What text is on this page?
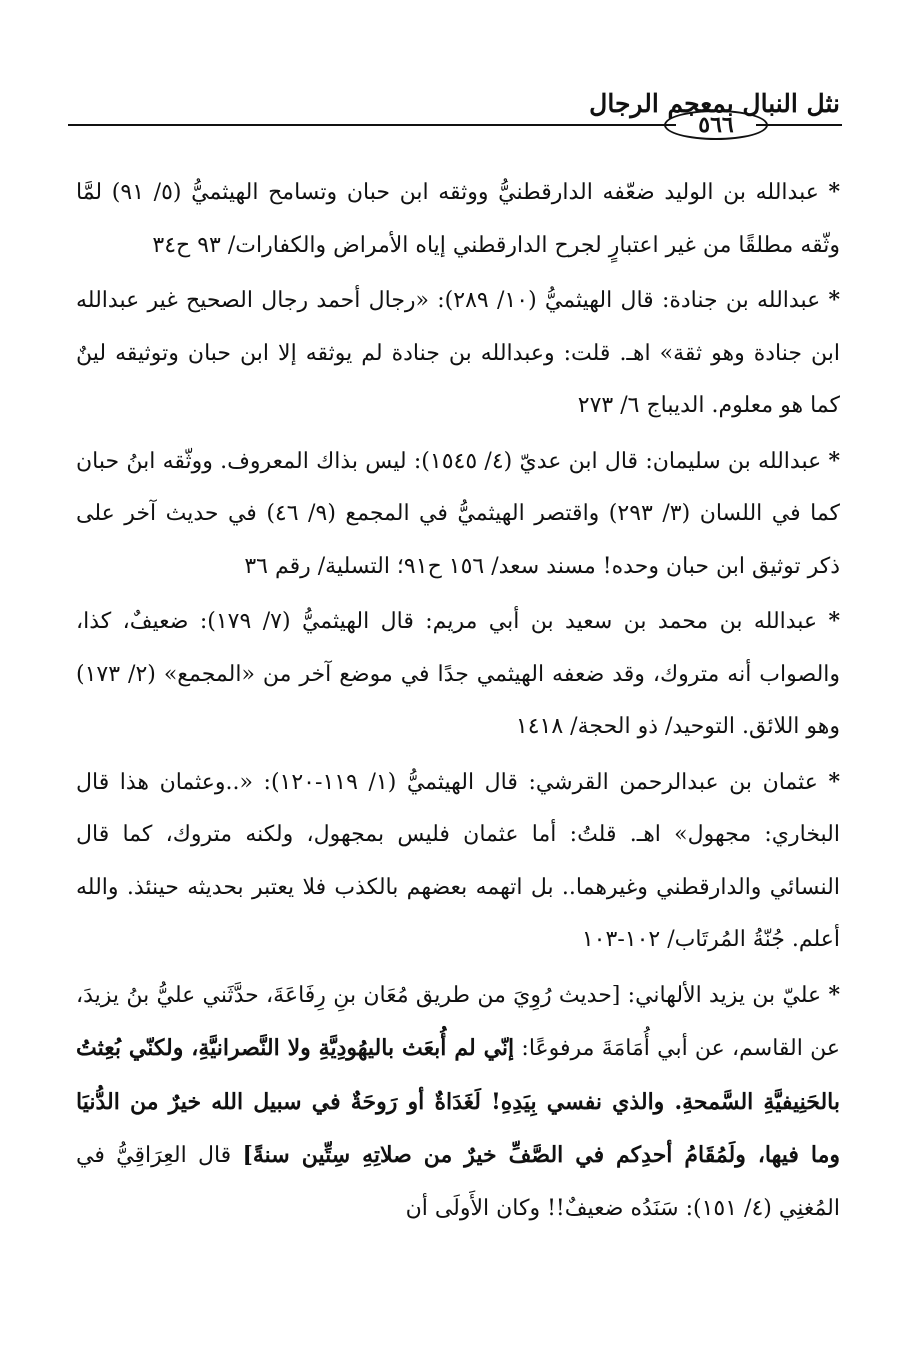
نثل النبال بمعجم الرجال
٥٦٦

* عبدالله بن الوليد ضعّفه الدارقطنيُّ ووثقه ابن حبان وتسامح الهيثميُّ (٥/ ٩١) لمَّا وثّقه مطلقًا من غير اعتبارٍ لجرح الدارقطني إياه الأمراض والكفارات/ ٩٣ ح٣٤

* عبدالله بن جنادة: قال الهيثميُّ (١٠/ ٢٨٩): «رجال أحمد رجال الصحيح غير عبدالله ابن جنادة وهو ثقة» اهـ. قلت: وعبدالله بن جنادة لم يوثقه إلا ابن حبان وتوثيقه لينٌ كما هو معلوم. الديباج ٦/ ٢٧٣

* عبدالله بن سليمان: قال ابن عديّ (٤/ ١٥٤٥): ليس بذاك المعروف. ووثّقه ابنُ حبان كما في اللسان (٣/ ٢٩٣) واقتصر الهيثميُّ في المجمع (٩/ ٤٦) في حديث آخر على ذكر توثيق ابن حبان وحده! مسند سعد/ ١٥٦ ح٩١؛ التسلية/ رقم ٣٦

* عبدالله بن محمد بن سعيد بن أبي مريم: قال الهيثميُّ (٧/ ١٧٩): ضعيفٌ، كذا، والصواب أنه متروك، وقد ضعفه الهيثمي جدًا في موضع آخر من «المجمع» (٢/ ١٧٣) وهو اللائق. التوحيد/ ذو الحجة/ ١٤١٨

* عثمان بن عبدالرحمن القرشي: قال الهيثميُّ (١/ ١١٩-١٢٠): «..وعثمان هذا قال البخاري: مجهول» اهـ. قلتُ: أما عثمان فليس بمجهول، ولكنه متروك، كما قال النسائي والدارقطني وغيرهما.. بل اتهمه بعضهم بالكذب فلا يعتبر بحديثه حينئذ. والله أعلم. جُنّةُ المُرتَاب/ ١٠٢-١٠٣

* عليّ بن يزيد الألهاني: [حديث رُوِيَ من طريق مُعَان بنِ رِفَاعَةَ، حدَّثَني عليُّ بنُ يزيدَ، عن القاسم، عن أبي أُمَامَةَ مرفوعًا: إنّي لم أُبعَث باليهُودِيَّةِ ولا النَّصرانيَّةِ، ولكنّي بُعِثتُ بالحَنِيفيَّةِ السَّمحةِ. والذي نفسي بِيَدِهِ! لَغَدَاةٌ أو رَوحَةٌ في سبيل الله خيرٌ من الدُّنيَا وما فيها، ولَمُقَامُ أحدِكم في الصَّفِّ خيرٌ من صلاتِهِ سِتِّين سنةً] قال العِرَاقِيُّ في المُغنِي (٤/ ١٥١): سَنَدُه ضعيفٌ!! وكان الأَولَى أن
